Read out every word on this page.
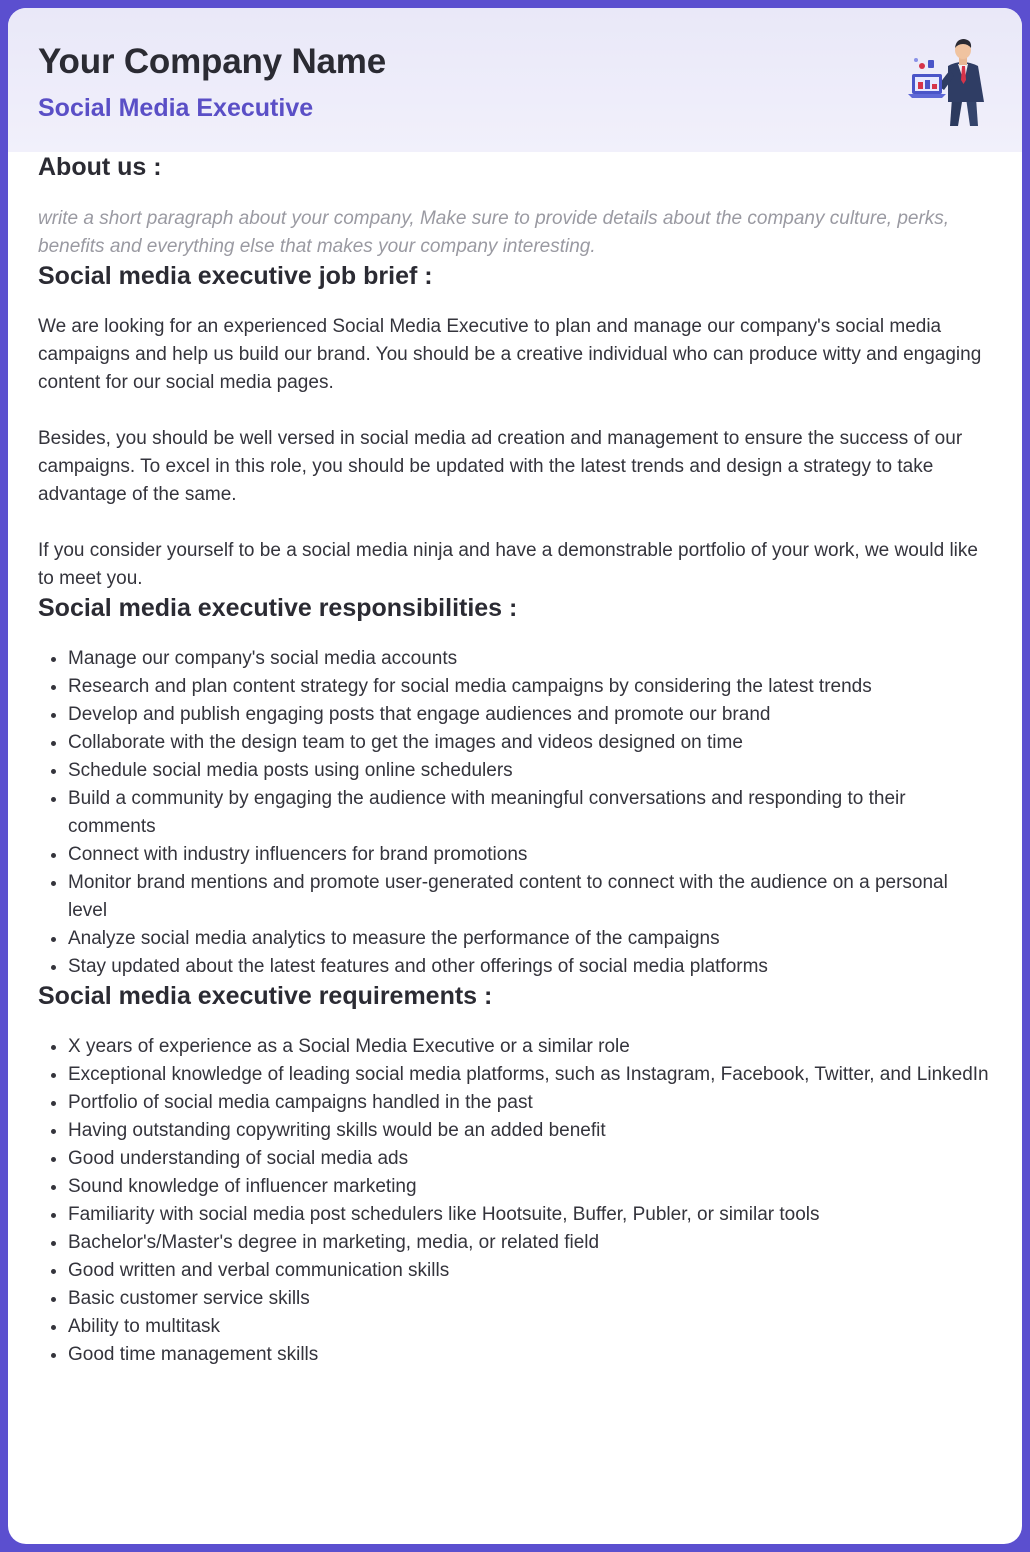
Your Company Name
Social Media Executive
About us :

write a short paragraph about your company, Make sure to provide details about the company culture, perks, benefits and everything else that makes your company interesting.

Social media executive job brief :

We are looking for an experienced Social Media Executive to plan and manage our company's social media campaigns and help us build our brand. You should be a creative individual who can produce witty and engaging content for our social media pages.

Besides, you should be well versed in social media ad creation and management to ensure the success of our campaigns. To excel in this role, you should be updated with the latest trends and design a strategy to take advantage of the same.

If you consider yourself to be a social media ninja and have a demonstrable portfolio of your work, we would like to meet you.

Social media executive responsibilities :
• Manage our company's social media accounts
• Research and plan content strategy for social media campaigns by considering the latest trends
• Develop and publish engaging posts that engage audiences and promote our brand
• Collaborate with the design team to get the images and videos designed on time
• Schedule social media posts using online schedulers
• Build a community by engaging the audience with meaningful conversations and responding to their comments
• Connect with industry influencers for brand promotions
• Monitor brand mentions and promote user-generated content to connect with the audience on a personal level
• Analyze social media analytics to measure the performance of the campaigns
• Stay updated about the latest features and other offerings of social media platforms
Social media executive requirements :
• X years of experience as a Social Media Executive or a similar role
• Exceptional knowledge of leading social media platforms, such as Instagram, Facebook, Twitter, and LinkedIn
• Portfolio of social media campaigns handled in the past
• Having outstanding copywriting skills would be an added benefit
• Good understanding of social media ads
• Sound knowledge of influencer marketing
• Familiarity with social media post schedulers like Hootsuite, Buffer, Publer, or similar tools
• Bachelor's/Master's degree in marketing, media, or related field
• Good written and verbal communication skills
• Basic customer service skills
• Ability to multitask
• Good time management skills
